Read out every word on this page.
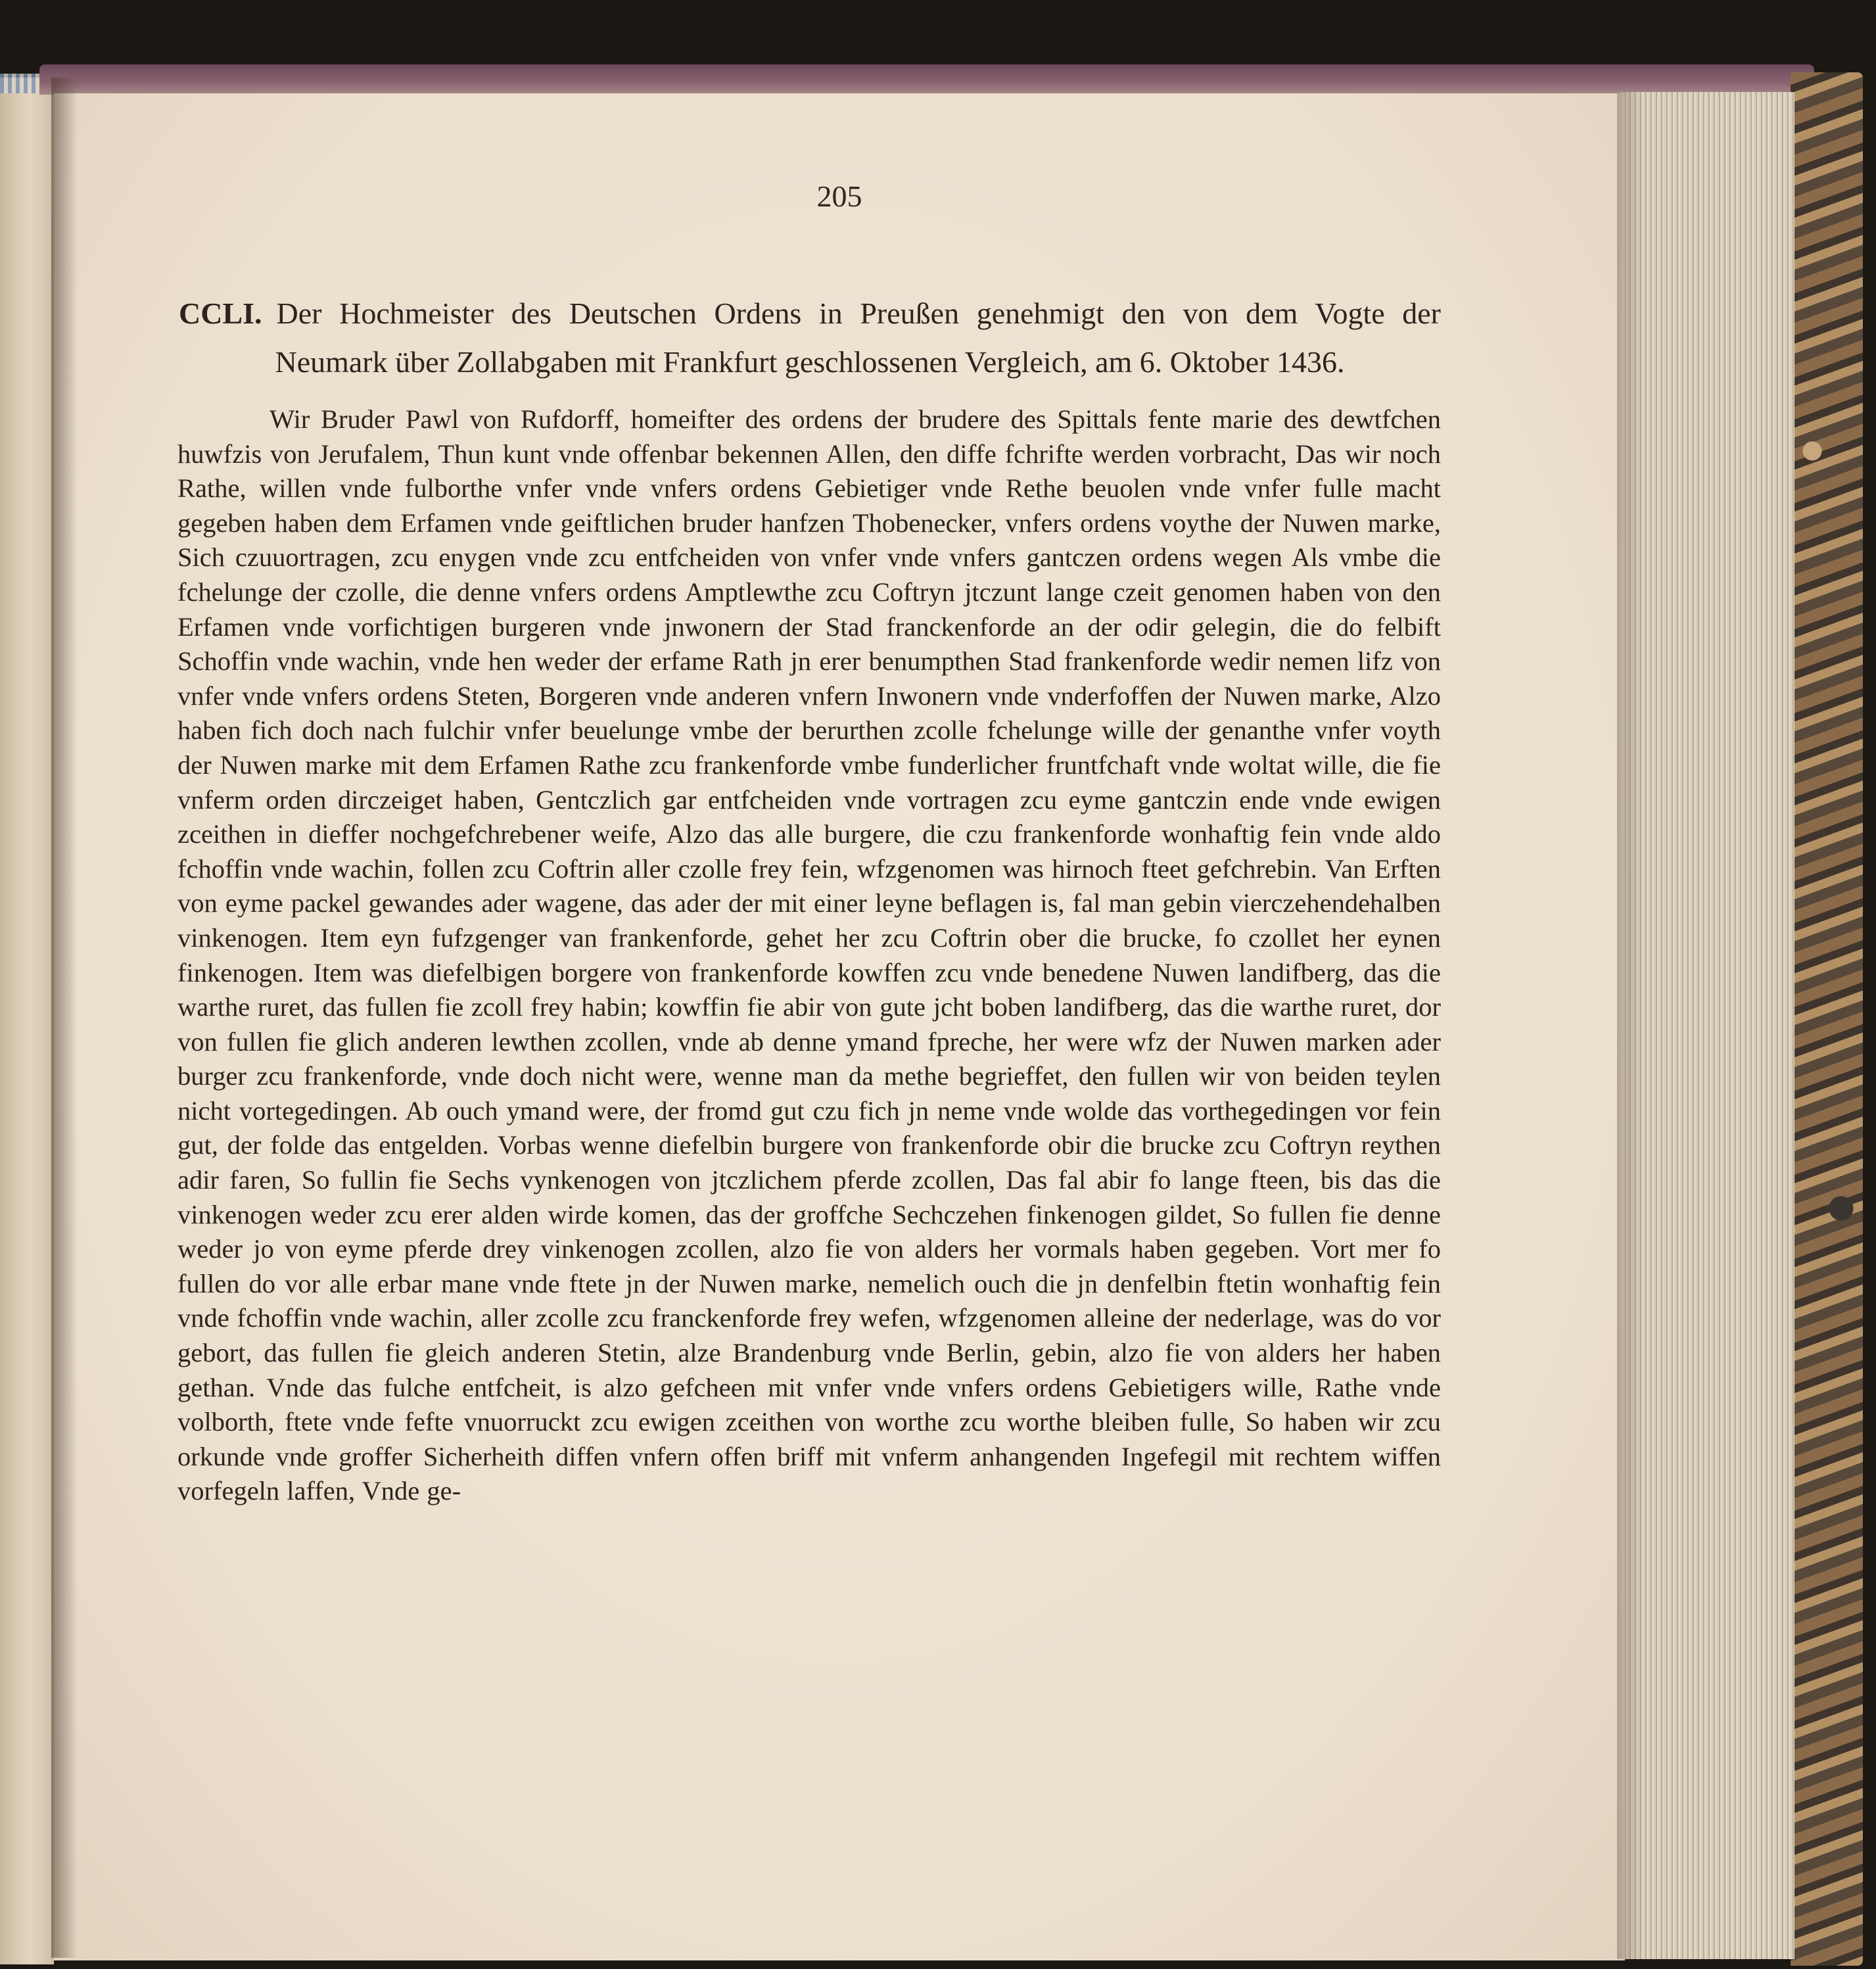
205
CCLI. Der Hochmeister des Deutschen Ordens in Preußen genehmigt den von dem Vogte der Neumark über Zollabgaben mit Frankfurt geschlossenen Vergleich, am 6. Oktober 1436.
Wir Bruder Pawl von Rufdorff, homeifter des ordens der brudere des Spittals fente marie des dewtfchen huwfzis von Jerufalem, Thun kunt vnde offenbar bekennen Allen, den diffe fchrifte werden vorbracht, Das wir noch Rathe, willen vnde fulborthe vnfer vnde vnfers ordens Gebietiger vnde Rethe beuolen vnde vnfer fulle macht gegeben haben dem Erfamen vnde geiftlichen bruder hanfzen Thobenecker, vnfers ordens voythe der Nuwen marke, Sich czuuortragen, zcu enygen vnde zcu entfcheiden von vnfer vnde vnfers gantczen ordens wegen Als vmbe die fchelunge der czolle, die denne vnfers ordens Amptlewthe zcu Coftryn jtczunt lange czeit genomen haben von den Erfamen vnde vorfichtigen burgeren vnde jnwonern der Stad franckenforde an der odir gelegin, die do felbift Schoffin vnde wachin, vnde hen weder der erfame Rath jn erer benumpthen Stad frankenforde wedir nemen lifz von vnfer vnde vnfers ordens Steten, Borgeren vnde anderen vnfern Inwonern vnde vnderfoffen der Nuwen marke, Alzo haben fich doch nach fulchir vnfer beuelunge vmbe der berurthen zcolle fchelunge wille der genanthe vnfer voyth der Nuwen marke mit dem Erfamen Rathe zcu frankenforde vmbe funderlicher fruntfchaft vnde woltat wille, die fie vnferm orden dirczeiget haben, Gentczlich gar entfcheiden vnde vortragen zcu eyme gantczin ende vnde ewigen zceithen in dieffer nochgefchrebener weife, Alzo das alle burgere, die czu frankenforde wonhaftig fein vnde aldo fchoffin vnde wachin, follen zcu Coftrin aller czolle frey fein, wfzgenomen was hirnoch fteet gefchrebin. Van Erften von eyme packel gewandes ader wagene, das ader der mit einer leyne beflagen is, fal man gebin vierczehendehalben vinkenogen. Item eyn fufzgenger van frankenforde, gehet her zcu Coftrin ober die brucke, fo czollet her eynen finkenogen. Item was diefelbigen borgere von frankenforde kowffen zcu vnde benedene Nuwen landifberg, das die warthe ruret, das fullen fie zcoll frey habin; kowffin fie abir von gute jcht boben landifberg, das die warthe ruret, dor von fullen fie glich anderen lewthen zcollen, vnde ab denne ymand fpreche, her were wfz der Nuwen marken ader burger zcu frankenforde, vnde doch nicht were, wenne man da methe begrieffet, den fullen wir von beiden teylen nicht vortegedingen. Ab ouch ymand were, der fromd gut czu fich jn neme vnde wolde das vorthegedingen vor fein gut, der folde das entgelden. Vorbas wenne diefelbin burgere von frankenforde obir die brucke zcu Coftryn reythen adir faren, So fullin fie Sechs vynkenogen von jtczlichem pferde zcollen, Das fal abir fo lange fteen, bis das die vinkenogen weder zcu erer alden wirde komen, das der groffche Sechczehen finkenogen gildet, So fullen fie denne weder jo von eyme pferde drey vinkenogen zcollen, alzo fie von alders her vormals haben gegeben. Vort mer fo fullen do vor alle erbar mane vnde ftete jn der Nuwen marke, nemelich ouch die jn denfelbin ftetin wonhaftig fein vnde fchoffin vnde wachin, aller zcolle zcu franckenforde frey wefen, wfzgenomen alleine der nederlage, was do vor gebort, das fullen fie gleich anderen Stetin, alze Brandenburg vnde Berlin, gebin, alzo fie von alders her haben gethan. Vnde das fulche entfcheit, is alzo gefcheen mit vnfer vnde vnfers ordens Gebietigers wille, Rathe vnde volborth, ftete vnde fefte vnuorruckt zcu ewigen zceithen von worthe zcu worthe bleiben fulle, So haben wir zcu orkunde vnde groffer Sicherheith diffen vnfern offen briff mit vnferm anhangenden Ingefegil mit rechtem wiffen vorfegeln laffen, Vnde ge-
